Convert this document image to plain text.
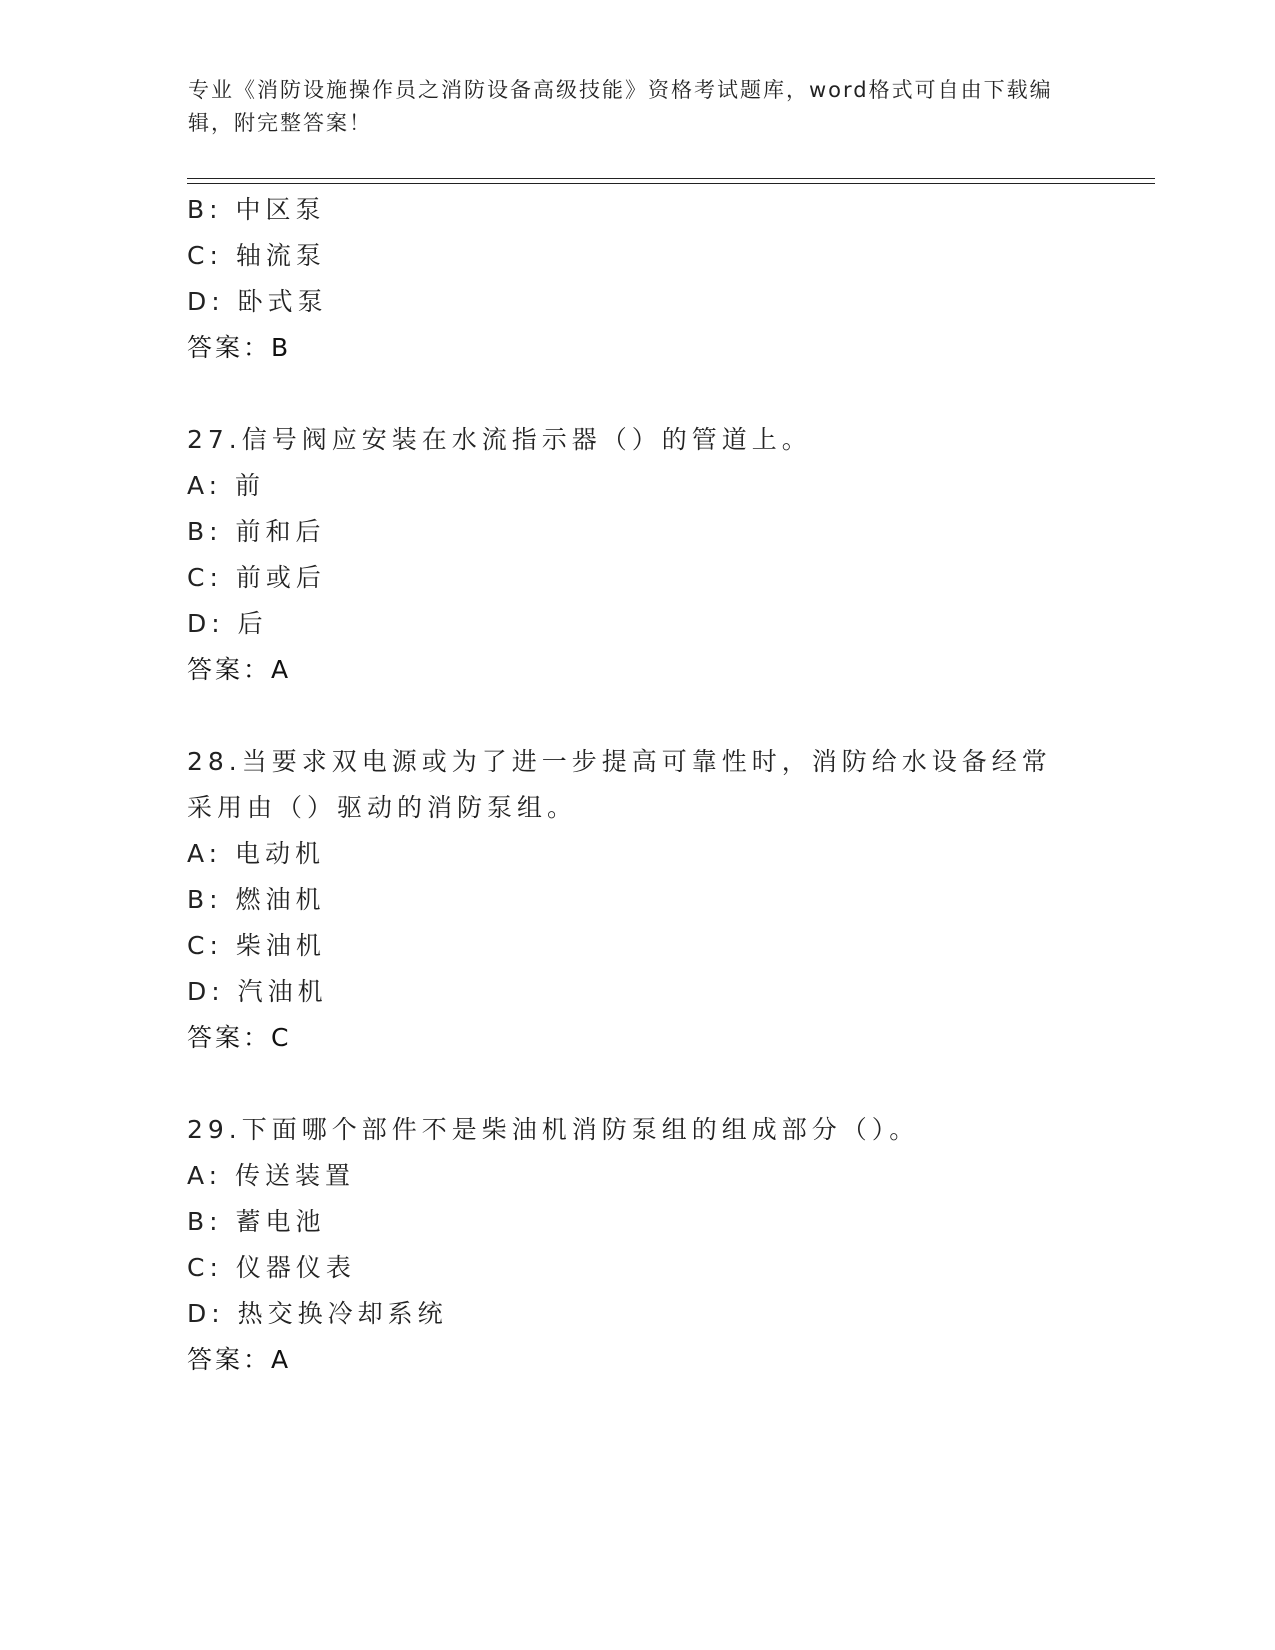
专业《消防设施操作员之消防设备高级技能》资格考试题库，word格式可自由下载编辑，附完整答案！
B: 中区泵
C: 轴流泵
D: 卧式泵
答案：B
27.信号阀应安装在水流指示器（）的管道上。
A: 前
B: 前和后
C: 前或后
D: 后
答案：A
28.当要求双电源或为了进一步提高可靠性时，消防给水设备经常采用由（）驱动的消防泵组。
A: 电动机
B: 燃油机
C: 柴油机
D: 汽油机
答案：C
29.下面哪个部件不是柴油机消防泵组的组成部分（）。
A: 传送装置
B: 蓄电池
C: 仪器仪表
D: 热交换冷却系统
答案：A
